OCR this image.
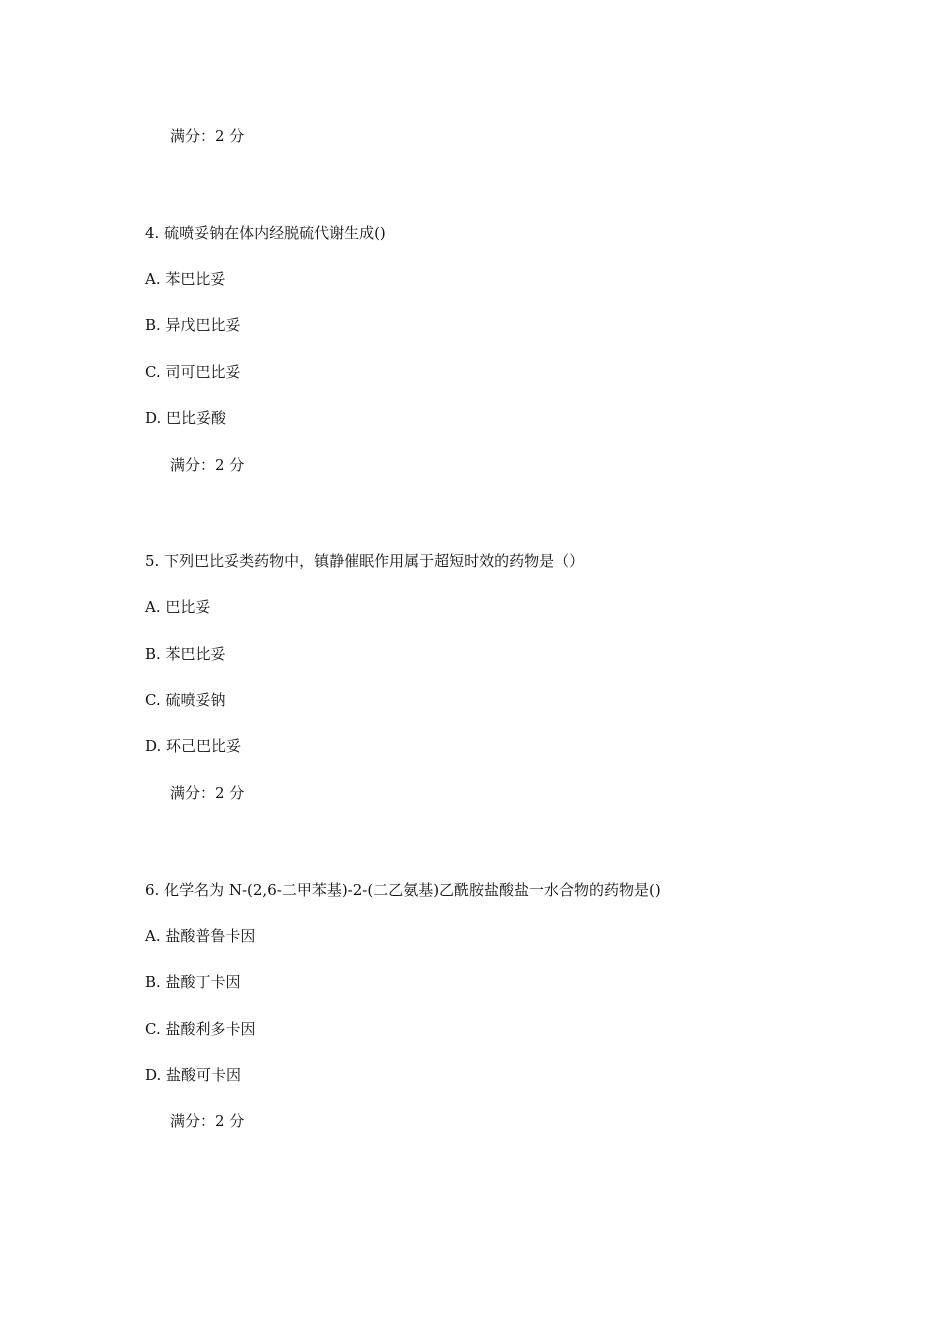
满分：2 分
4. 硫喷妥钠在体内经脱硫代谢生成()
A. 苯巴比妥
B. 异戊巴比妥
C. 司可巴比妥
D. 巴比妥酸
满分：2 分
5. 下列巴比妥类药物中，镇静催眠作用属于超短时效的药物是（）
A. 巴比妥
B. 苯巴比妥
C. 硫喷妥钠
D. 环己巴比妥
满分：2 分
6. 化学名为 N-(2,6-二甲苯基)-2-(二乙氨基)乙酰胺盐酸盐一水合物的药物是()
A. 盐酸普鲁卡因
B. 盐酸丁卡因
C. 盐酸利多卡因
D. 盐酸可卡因
满分：2 分
